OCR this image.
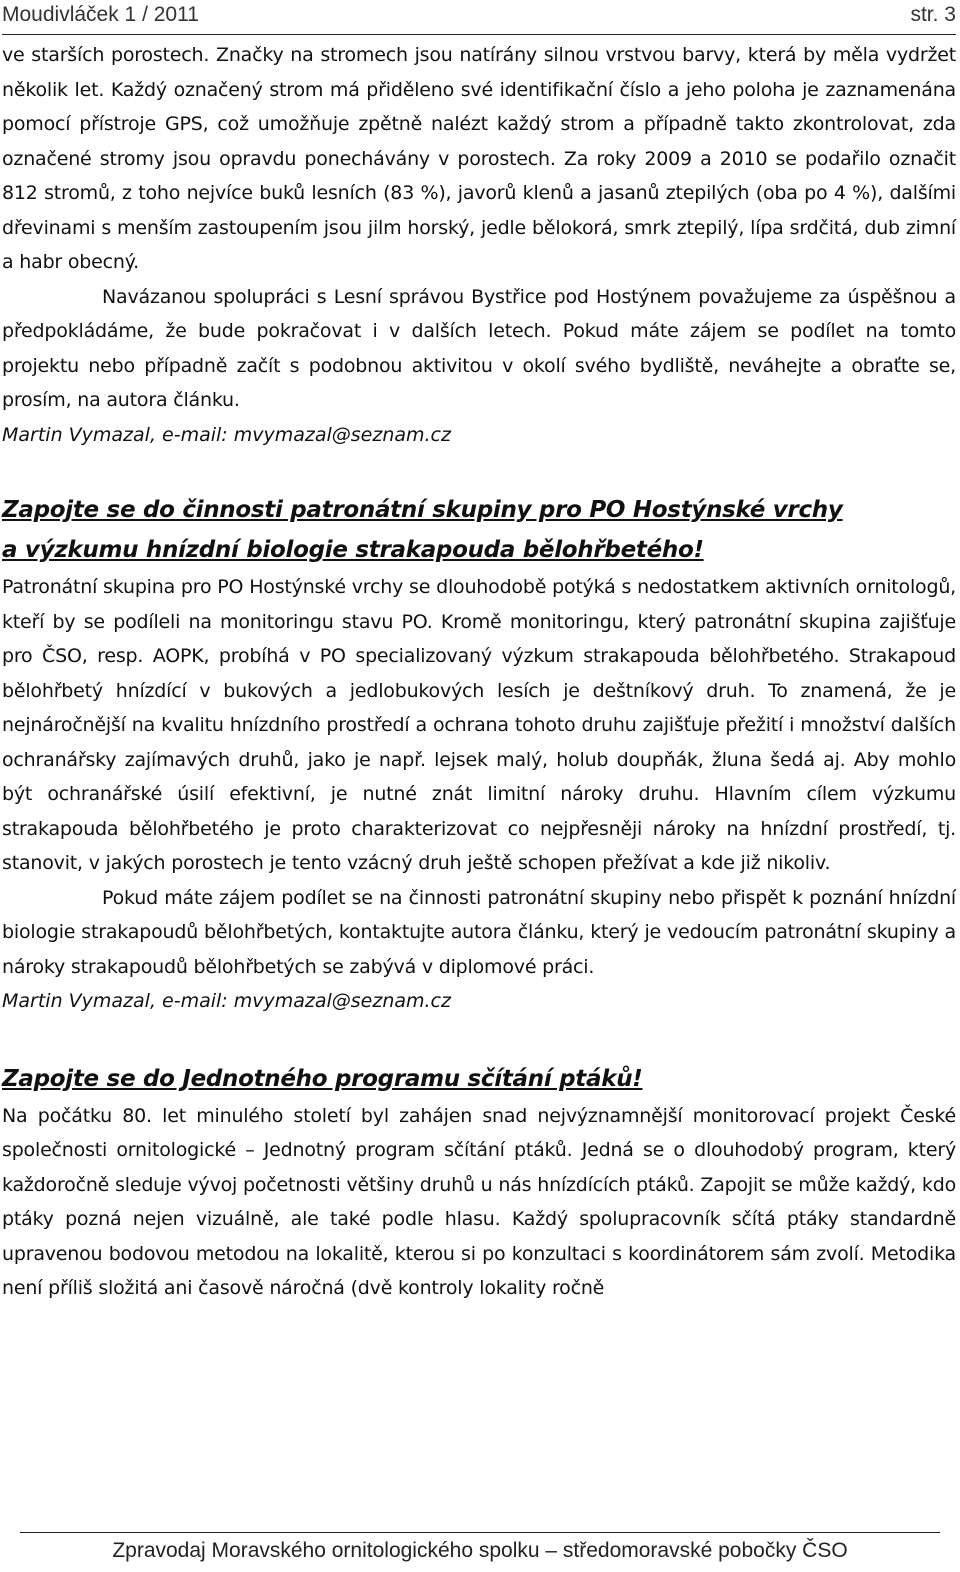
Moudivláček 1 / 2011	str. 3

ve starších porostech. Značky na stromech jsou natírány silnou vrstvou barvy, která by měla vydržet několik let. Každý označený strom má přiděleno své identifikační číslo a jeho poloha je zaznamenána pomocí přístroje GPS, což umožňuje zpětně nalézt každý strom a případně takto zkontrolovat, zda označené stromy jsou opravdu ponechávány v porostech. Za roky 2009 a 2010 se podařilo označit 812 stromů, z toho nejvíce buků lesních (83 %), javorů klenů a jasanů ztepilých (oba po 4 %), dalšími dřevinami s menším zastoupením jsou jilm horský, jedle bělokorá, smrk ztepilý, lípa srdčitá, dub zimní a habr obecný.

Navázanou spolupráci s Lesní správou Bystřice pod Hostýnem považujeme za úspěšnou a předpokládáme, že bude pokračovat i v dalších letech. Pokud máte zájem se podílet na tomto projektu nebo případně začít s podobnou aktivitou v okolí svého bydliště, neváhejte a obraťte se, prosím, na autora článku.

Martin Vymazal, e-mail: mvymazal@seznam.cz

Zapojte se do činnosti patronátní skupiny pro PO Hostýnské vrchy
a výzkumu hnízdní biologie strakapouda bělohřbetého!

Patronátní skupina pro PO Hostýnské vrchy se dlouhodobě potýká s nedostatkem aktivních ornitologů, kteří by se podíleli na monitoringu stavu PO. Kromě monitoringu, který patronátní skupina zajišťuje pro ČSO, resp. AOPK, probíhá v PO specializovaný výzkum strakapouda bělohřbetého. Strakapoud bělohřbetý hnízdící v bukových a jedlobukových lesích je deštníkový druh. To znamená, že je nejnáročnější na kvalitu hnízdního prostředí a ochrana tohoto druhu zajišťuje přežití i množství dalších ochranářsky zajímavých druhů, jako je např. lejsek malý, holub doupňák, žluna šedá aj. Aby mohlo být ochranářské úsilí efektivní, je nutné znát limitní nároky druhu. Hlavním cílem výzkumu strakapouda bělohřbetého je proto charakterizovat co nejpřesněji nároky na hnízdní prostředí, tj. stanovit, v jakých porostech je tento vzácný druh ještě schopen přežívat a kde již nikoliv.

Pokud máte zájem podílet se na činnosti patronátní skupiny nebo přispět k poznání hnízdní biologie strakapoudů bělohřbetých, kontaktujte autora článku, který je vedoucím patronátní skupiny a nároky strakapoudů bělohřbetých se zabývá v diplomové práci.

Martin Vymazal, e-mail: mvymazal@seznam.cz

Zapojte se do Jednotného programu sčítání ptáků!

Na počátku 80. let minulého století byl zahájen snad nejvýznamnější monitorovací projekt České společnosti ornitologické – Jednotný program sčítání ptáků. Jedná se o dlouhodobý program, který každoročně sleduje vývoj početnosti většiny druhů u nás hnízdících ptáků. Zapojit se může každý, kdo ptáky pozná nejen vizuálně, ale také podle hlasu. Každý spolupracovník sčítá ptáky standardně upravenou bodovou metodou na lokalitě, kterou si po konzultaci s koordinátorem sám zvolí. Metodika není příliš složitá ani časově náročná (dvě kontroly lokality ročně

Zpravodaj Moravského ornitologického spolku – středomoravské pobočky ČSO
